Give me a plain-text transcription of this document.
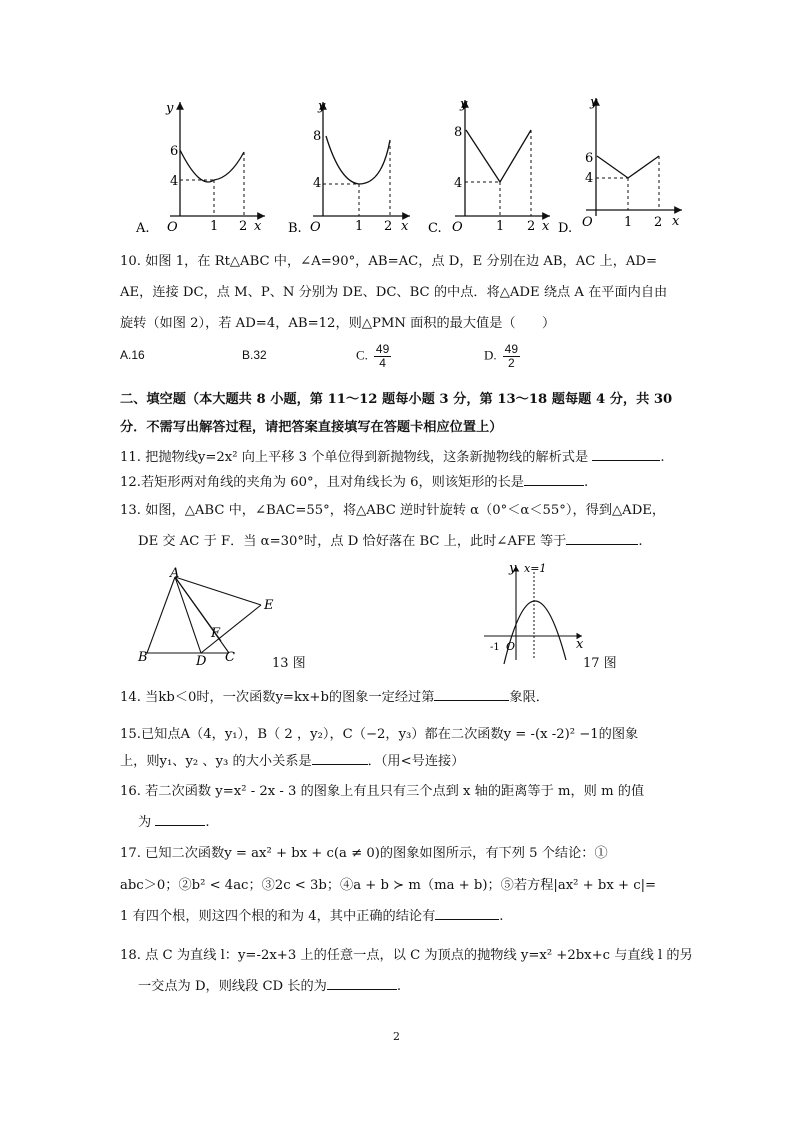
A.
y
x
O
6
4
1 2	B.
y
x
O
8
4
1 2	C.
y
x
O
8
4
1 2 D.
y
x
O
6
4
1 2
10. 如图 1，在 Rt△ABC 中，∠A=90°，AB=AC，点 D，E 分别在边 AB，AC 上，AD=
AE，连接 DC，点 M、P、N 分别为 DE、DC、BC 的中点．将△ADE 绕点 A 在平面内自由
旋转（如图 2），若 AD=4，AB=12，则△PMN 面积的最大值是（　　）
A.16	B.32	C. $\frac{49}{4}$	D. $\frac{49}{2}$
二、填空题（本大题共 8 小题，第 11～12 题每小题 3 分，第 13～18 题每题 4 分，共 30
分．不需写出解答过程，请把答案直接填写在答题卡相应位置上）
11. 把抛物线y=2x² 向上平移 3 个单位得到新抛物线，这条新抛物线的解析式是	.
12.若矩形两对角线的夹角为 60°，且对角线长为 6，则该矩形的长是	.
13. 如图，△ABC 中，∠BAC=55°，将△ABC 逆时针旋转 α（0°＜α＜55°），得到△ADE，
DE 交 AC 于 F．当 α=30°时，点 D 恰好落在 BC 上，此时∠AFE 等于	.
A
B	C
D
E
F
13 图
y x=1
x
O
-1
17 图
14. 当kb＜0时，一次函数y=kx+b的图象一定经过第	象限．
15.已知点A（4，y₁），B（ 2 ，y₂），C（−2，y₃）都在二次函数y = -(x -2)² −1的图象
上，则y₁、y₂ 、y₃ 的大小关系是	．（用<号连接）
16. 若二次函数 y=x² - 2x - 3 的图象上有且只有三个点到 x 轴的距离等于 m，则 m 的值
为	.
17. 已知二次函数y = ax² + bx + c(a ≠ 0)的图象如图所示，有下列 5 个结论：①
abc＞0；②b² < 4ac；③2c < 3b；④a + b ≻ m（ma + b)；⑤若方程|ax² + bx + c|=
1 有四个根，则这四个根的和为 4，其中正确的结论有	.
18. 点 C 为直线 l：y=-2x+3 上的任意一点，以 C 为顶点的抛物线 y=x² +2bx+c 与直线 l 的另
一交点为 D，则线段 CD 长的为	.
2
